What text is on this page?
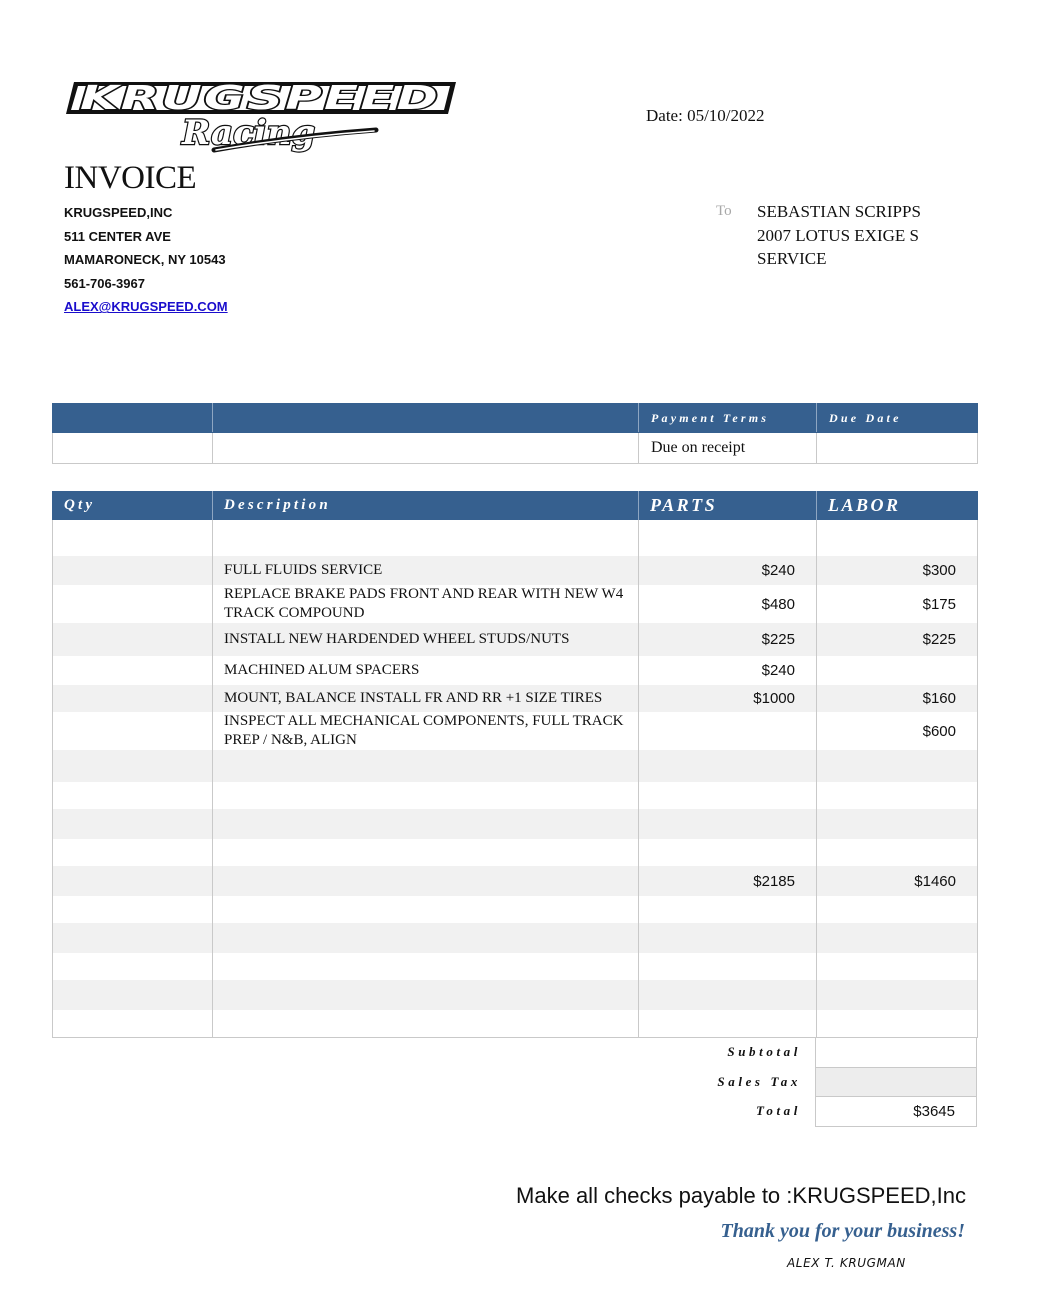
KRUGSPEED
Racing	Date: 05/10/2022
INVOICE
KRUGSPEED,INC
511 CENTER AVE
MAMARONECK, NY 10543
561-706-3967
ALEX@KRUGSPEED.COM
To SEBASTIAN SCRIPPS
2007 LOTUS EXIGE S
SERVICE
		Payment Terms	Due Date
		Due on receipt	
Qty	Description	PARTS	LABOR

	FULL FLUIDS SERVICE	$240	$300
	REPLACE BRAKE PADS FRONT AND REAR WITH NEW W4 TRACK COMPOUND	$480	$175
	INSTALL NEW HARDENDED WHEEL STUDS/NUTS	$225	$225
	MACHINED ALUM SPACERS	$240	
	MOUNT, BALANCE INSTALL FR AND RR +1 SIZE TIRES	$1000	$160
	INSPECT ALL MECHANICAL COMPONENTS, FULL TRACK PREP / N&B, ALIGN		$600

		$2185	$1460

Subtotal	
Sales Tax	
Total	$3645
Make all checks payable to :KRUGSPEED,Inc
Thank you for your business!
ALEX T. KRUGMAN
